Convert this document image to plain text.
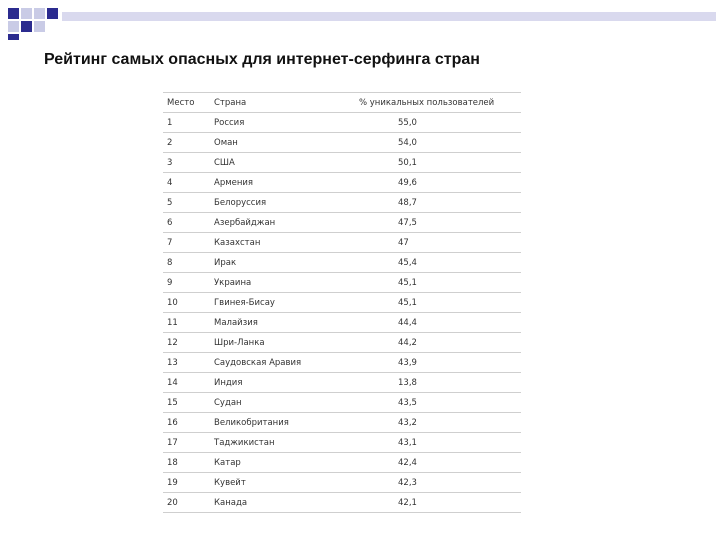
Рейтинг самых опасных для интернет-серфинга стран
Место	Страна	% уникальных пользователей
1	Россия	55,0
2	Оман	54,0
3	США	50,1
4	Армения	49,6
5	Белоруссия	48,7
6	Азербайджан	47,5
7	Казахстан	47
8	Ирак	45,4
9	Украина	45,1
10	Гвинея-Бисау	45,1
11	Малайзия	44,4
12	Шри-Ланка	44,2
13	Саудовская Аравия	43,9
14	Индия	13,8
15	Судан	43,5
16	Великобритания	43,2
17	Таджикистан	43,1
18	Катар	42,4
19	Кувейт	42,3
20	Канада	42,1
